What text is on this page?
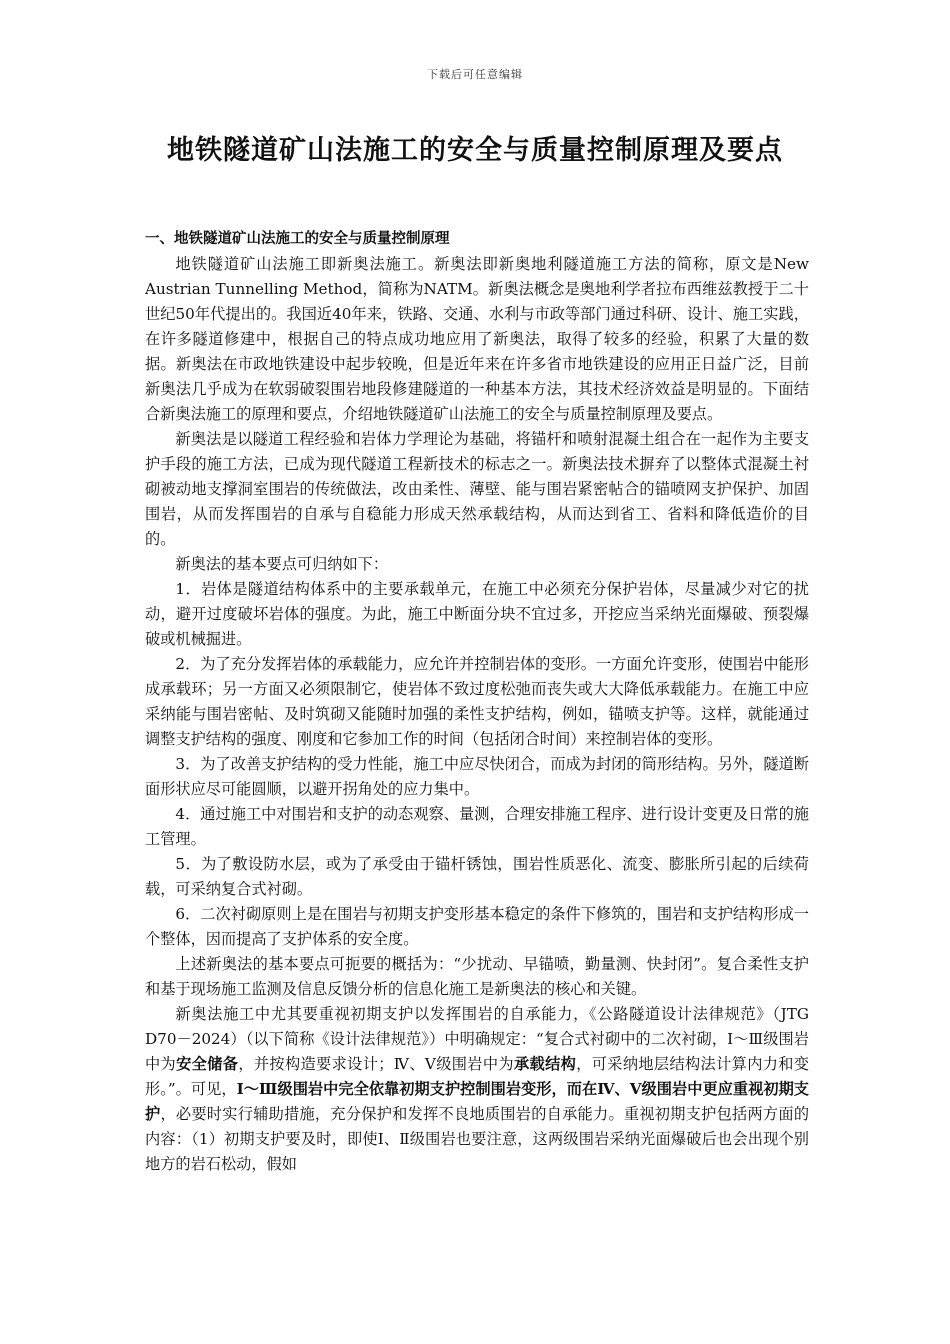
下载后可任意编辑
地铁隧道矿山法施工的安全与质量控制原理及要点

一、地铁隧道矿山法施工的安全与质量控制原理

地铁隧道矿山法施工即新奥法施工。新奥法即新奥地利隧道施工方法的简称，原文是New Austrian Tunnelling Method，简称为NATM。新奥法概念是奥地利学者拉布西维兹教授于二十世纪50年代提出的。我国近40年来，铁路、交通、水利与市政等部门通过科研、设计、施工实践，在许多隧道修建中，根据自己的特点成功地应用了新奥法，取得了较多的经验，积累了大量的数据。新奥法在市政地铁建设中起步较晚，但是近年来在许多省市地铁建设的应用正日益广泛，目前新奥法几乎成为在软弱破裂围岩地段修建隧道的一种基本方法，其技术经济效益是明显的。下面结合新奥法施工的原理和要点，介绍地铁隧道矿山法施工的安全与质量控制原理及要点。

新奥法是以隧道工程经验和岩体力学理论为基础，将锚杆和喷射混凝土组合在一起作为主要支护手段的施工方法，已成为现代隧道工程新技术的标志之一。新奥法技术摒弃了以整体式混凝土衬砌被动地支撑洞室围岩的传统做法，改由柔性、薄壁、能与围岩紧密帖合的锚喷网支护保护、加固围岩，从而发挥围岩的自承与自稳能力形成天然承载结构，从而达到省工、省料和降低造价的目的。

新奥法的基本要点可归纳如下：

1．岩体是隧道结构体系中的主要承载单元，在施工中必须充分保护岩体，尽量减少对它的扰动，避开过度破坏岩体的强度。为此，施工中断面分块不宜过多，开挖应当采纳光面爆破、预裂爆破或机械掘进。

2．为了充分发挥岩体的承载能力，应允许并控制岩体的变形。一方面允许变形，使围岩中能形成承载环；另一方面又必须限制它，使岩体不致过度松弛而丧失或大大降低承载能力。在施工中应采纳能与围岩密帖、及时筑砌又能随时加强的柔性支护结构，例如，锚喷支护等。这样，就能通过调整支护结构的强度、刚度和它参加工作的时间（包括闭合时间）来控制岩体的变形。

3．为了改善支护结构的受力性能，施工中应尽快闭合，而成为封闭的筒形结构。另外，隧道断面形状应尽可能圆顺，以避开拐角处的应力集中。

4．通过施工中对围岩和支护的动态观察、量测，合理安排施工程序、进行设计变更及日常的施工管理。

5．为了敷设防水层，或为了承受由于锚杆锈蚀，围岩性质恶化、流变、膨胀所引起的后续荷载，可采纳复合式衬砌。

6．二次衬砌原则上是在围岩与初期支护变形基本稳定的条件下修筑的，围岩和支护结构形成一个整体，因而提高了支护体系的安全度。

上述新奥法的基本要点可扼要的概括为：“少扰动、早锚喷，勤量测、快封闭”。复合柔性支护和基于现场施工监测及信息反馈分析的信息化施工是新奥法的核心和关键。

新奥法施工中尤其要重视初期支护以发挥围岩的自承能力，《公路隧道设计法律规范》（JTG D70－2024）（以下简称《设计法律规范》）中明确规定：“复合式衬砌中的二次衬砌，Ⅰ～Ⅲ级围岩中为安全储备，并按构造要求设计；Ⅳ、Ⅴ级围岩中为承载结构，可采纳地层结构法计算内力和变形。”。可见，Ⅰ～Ⅲ级围岩中完全依靠初期支护控制围岩变形，而在Ⅳ、Ⅴ级围岩中更应重视初期支护，必要时实行辅助措施，充分保护和发挥不良地质围岩的自承能力。重视初期支护包括两方面的内容：（1）初期支护要及时，即使Ⅰ、Ⅱ级围岩也要注意，这两级围岩采纳光面爆破后也会出现个别地方的岩石松动，假如
